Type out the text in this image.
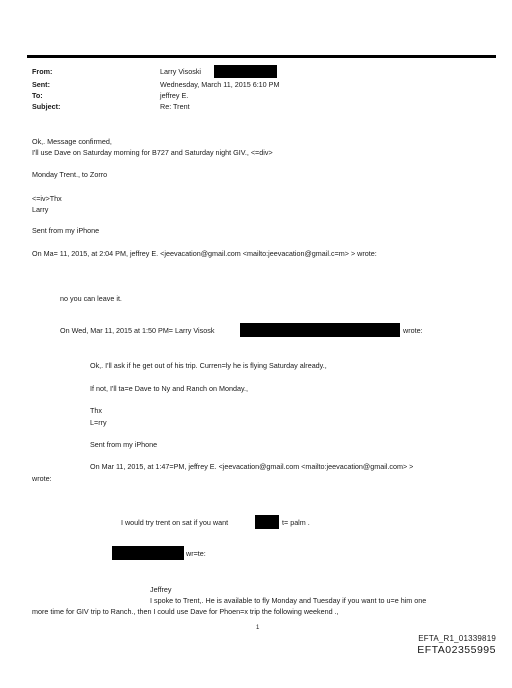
From:	Larry Visoski
Sent:	Wednesday, March 11, 2015 6:10 PM
To:	jeffrey E.
Subject:	Re: Trent
Ok,. Message confirmed,
I'll use Dave on Saturday morning for B727 and Saturday night GIV., <=div>
Monday Trent., to Zorro
<=iv>Thx
Larry
Sent from my iPhone
On Ma= 11, 2015, at 2:04 PM, jeffrey E. <jeevacation@gmail.com <mailto:jeevacation@gmail.c=m> > wrote:
no you can leave it.
On Wed, Mar 11, 2015 at 1:50 PM= Larry Visosk	wrote:
Ok,. I'll ask if he get out of his trip. Curren=ly he is flying Saturday already.,
If not, I'll ta=e Dave to Ny and Ranch on Monday.,
Thx
L=rry
Sent from my iPhone
On Mar 11, 2015, at 1:47=PM, jeffrey E. <jeevacation@gmail.com <mailto:jeevacation@gmail.com> >
wrote:
I would try trent on sat if you want	t= palm .
wr=te:
Jeffrey
I spoke to Trent,. He is available to fly Monday and Tuesday if you want to u=e him one
more time for GIV trip to Ranch., then I could use Dave for Phoen=x trip the following weekend .,
1
EFTA_R1_01339819
EFTA02355995
